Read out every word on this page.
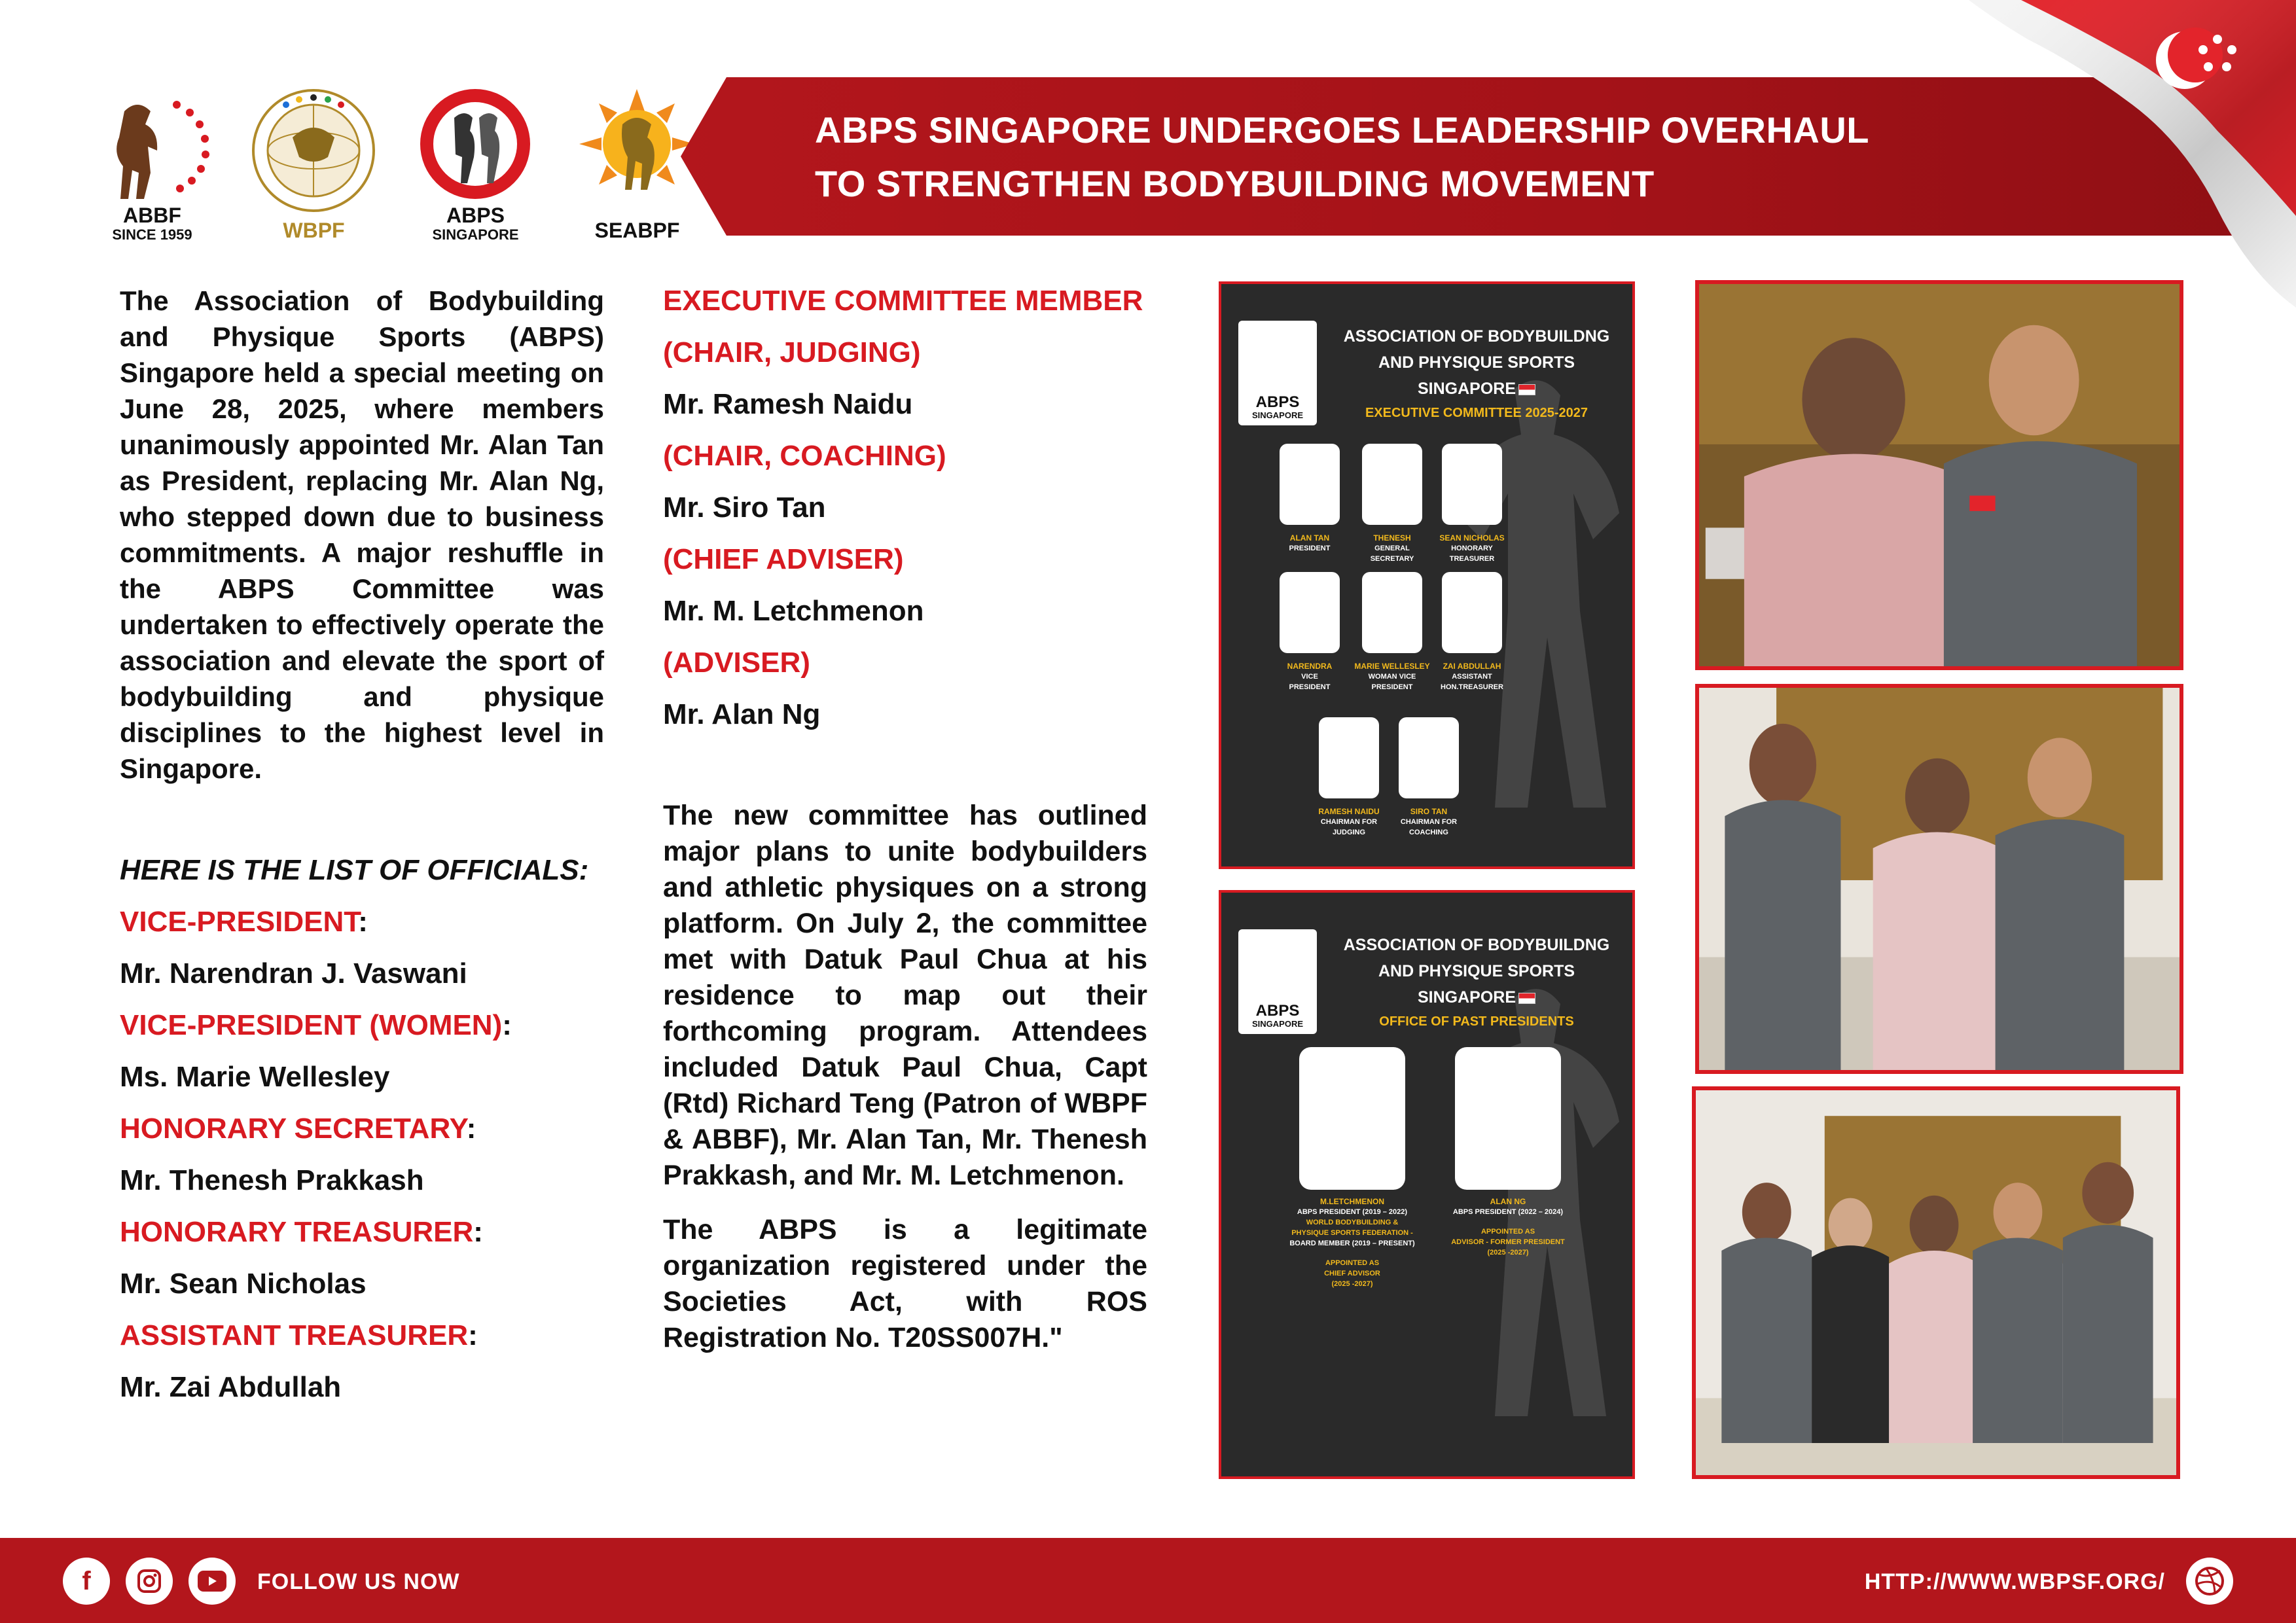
ABBF
SINCE 1959	WBPF
ABPS
SINGAPORE	SEABPF
ABPS SINGAPORE UNDERGOES LEADERSHIP OVERHAUL
TO STRENGTHEN BODYBUILDING MOVEMENT

The Association of Bodybuilding and Physique Sports (ABPS) Singapore held a special meeting on June 28, 2025, where members unanimously appointed Mr. Alan Tan as President, replacing Mr. Alan Ng, who stepped down due to business commitments. A major reshuffle in the ABPS Committee was undertaken to effectively operate the association and elevate the sport of bodybuilding and physique disciplines to the highest level in Singapore.

HERE IS THE LIST OF OFFICIALS:

VICE-PRESIDENT:
Mr. Narendran J. Vaswani
VICE-PRESIDENT (WOMEN):
Ms. Marie Wellesley
HONORARY SECRETARY:
Mr. Thenesh Prakkash
HONORARY TREASURER:
Mr. Sean Nicholas
ASSISTANT TREASURER:
Mr. Zai Abdullah
EXECUTIVE COMMITTEE MEMBER
(CHAIR, JUDGING)
Mr. Ramesh Naidu
(CHAIR, COACHING)
Mr. Siro Tan
(CHIEF ADVISER)
Mr. M. Letchmenon
(ADVISER)
Mr. Alan Ng

The new committee has outlined major plans to unite bodybuilders and athletic physiques on a strong platform. On July 2, the committee met with Datuk Paul Chua at his residence to map out their forthcoming program. Attendees included Datuk Paul Chua, Capt (Rtd) Richard Teng (Patron of WBPF & ABBF), Mr. Alan Tan, Mr. Thenesh Prakkash, and Mr. M. Letchmenon.

The ABPS is a legitimate organization registered under the Societies Act, with ROS Registration No. T20SS007H."

ABPS
SINGAPORE
ASSOCIATION OF BODYBUILDNG
AND PHYSIQUE SPORTS
SINGAPORE
EXECUTIVE COMMITTEE 2025-2027
ALAN TAN
PRESIDENT
THENESH
GENERAL
SECRETARY
SEAN NICHOLAS
HONORARY
TREASURER
NARENDRA
VICE
PRESIDENT
MARIE WELLESLEY
WOMAN VICE
PRESIDENT
ZAI ABDULLAH
ASSISTANT
HON.TREASURER
RAMESH NAIDU
CHAIRMAN FOR
JUDGING
SIRO TAN
CHAIRMAN FOR
COACHING
ABPS
SINGAPORE
ASSOCIATION OF BODYBUILDNG
AND PHYSIQUE SPORTS
SINGAPORE
OFFICE OF PAST PRESIDENTS
M.LETCHMENON
ABPS PRESIDENT (2019 – 2022)
WORLD BODYBUILDING &
PHYSIQUE SPORTS FEDERATION -
BOARD MEMBER (2019 – PRESENT)
APPOINTED AS
CHIEF ADVISOR
(2025 -2027)
ALAN NG
ABPS PRESIDENT (2022 – 2024)
APPOINTED AS
ADVISOR - FORMER PRESIDENT
(2025 -2027)
f	FOLLOW US NOW	HTTP://WWW.WBPSF.ORG/
